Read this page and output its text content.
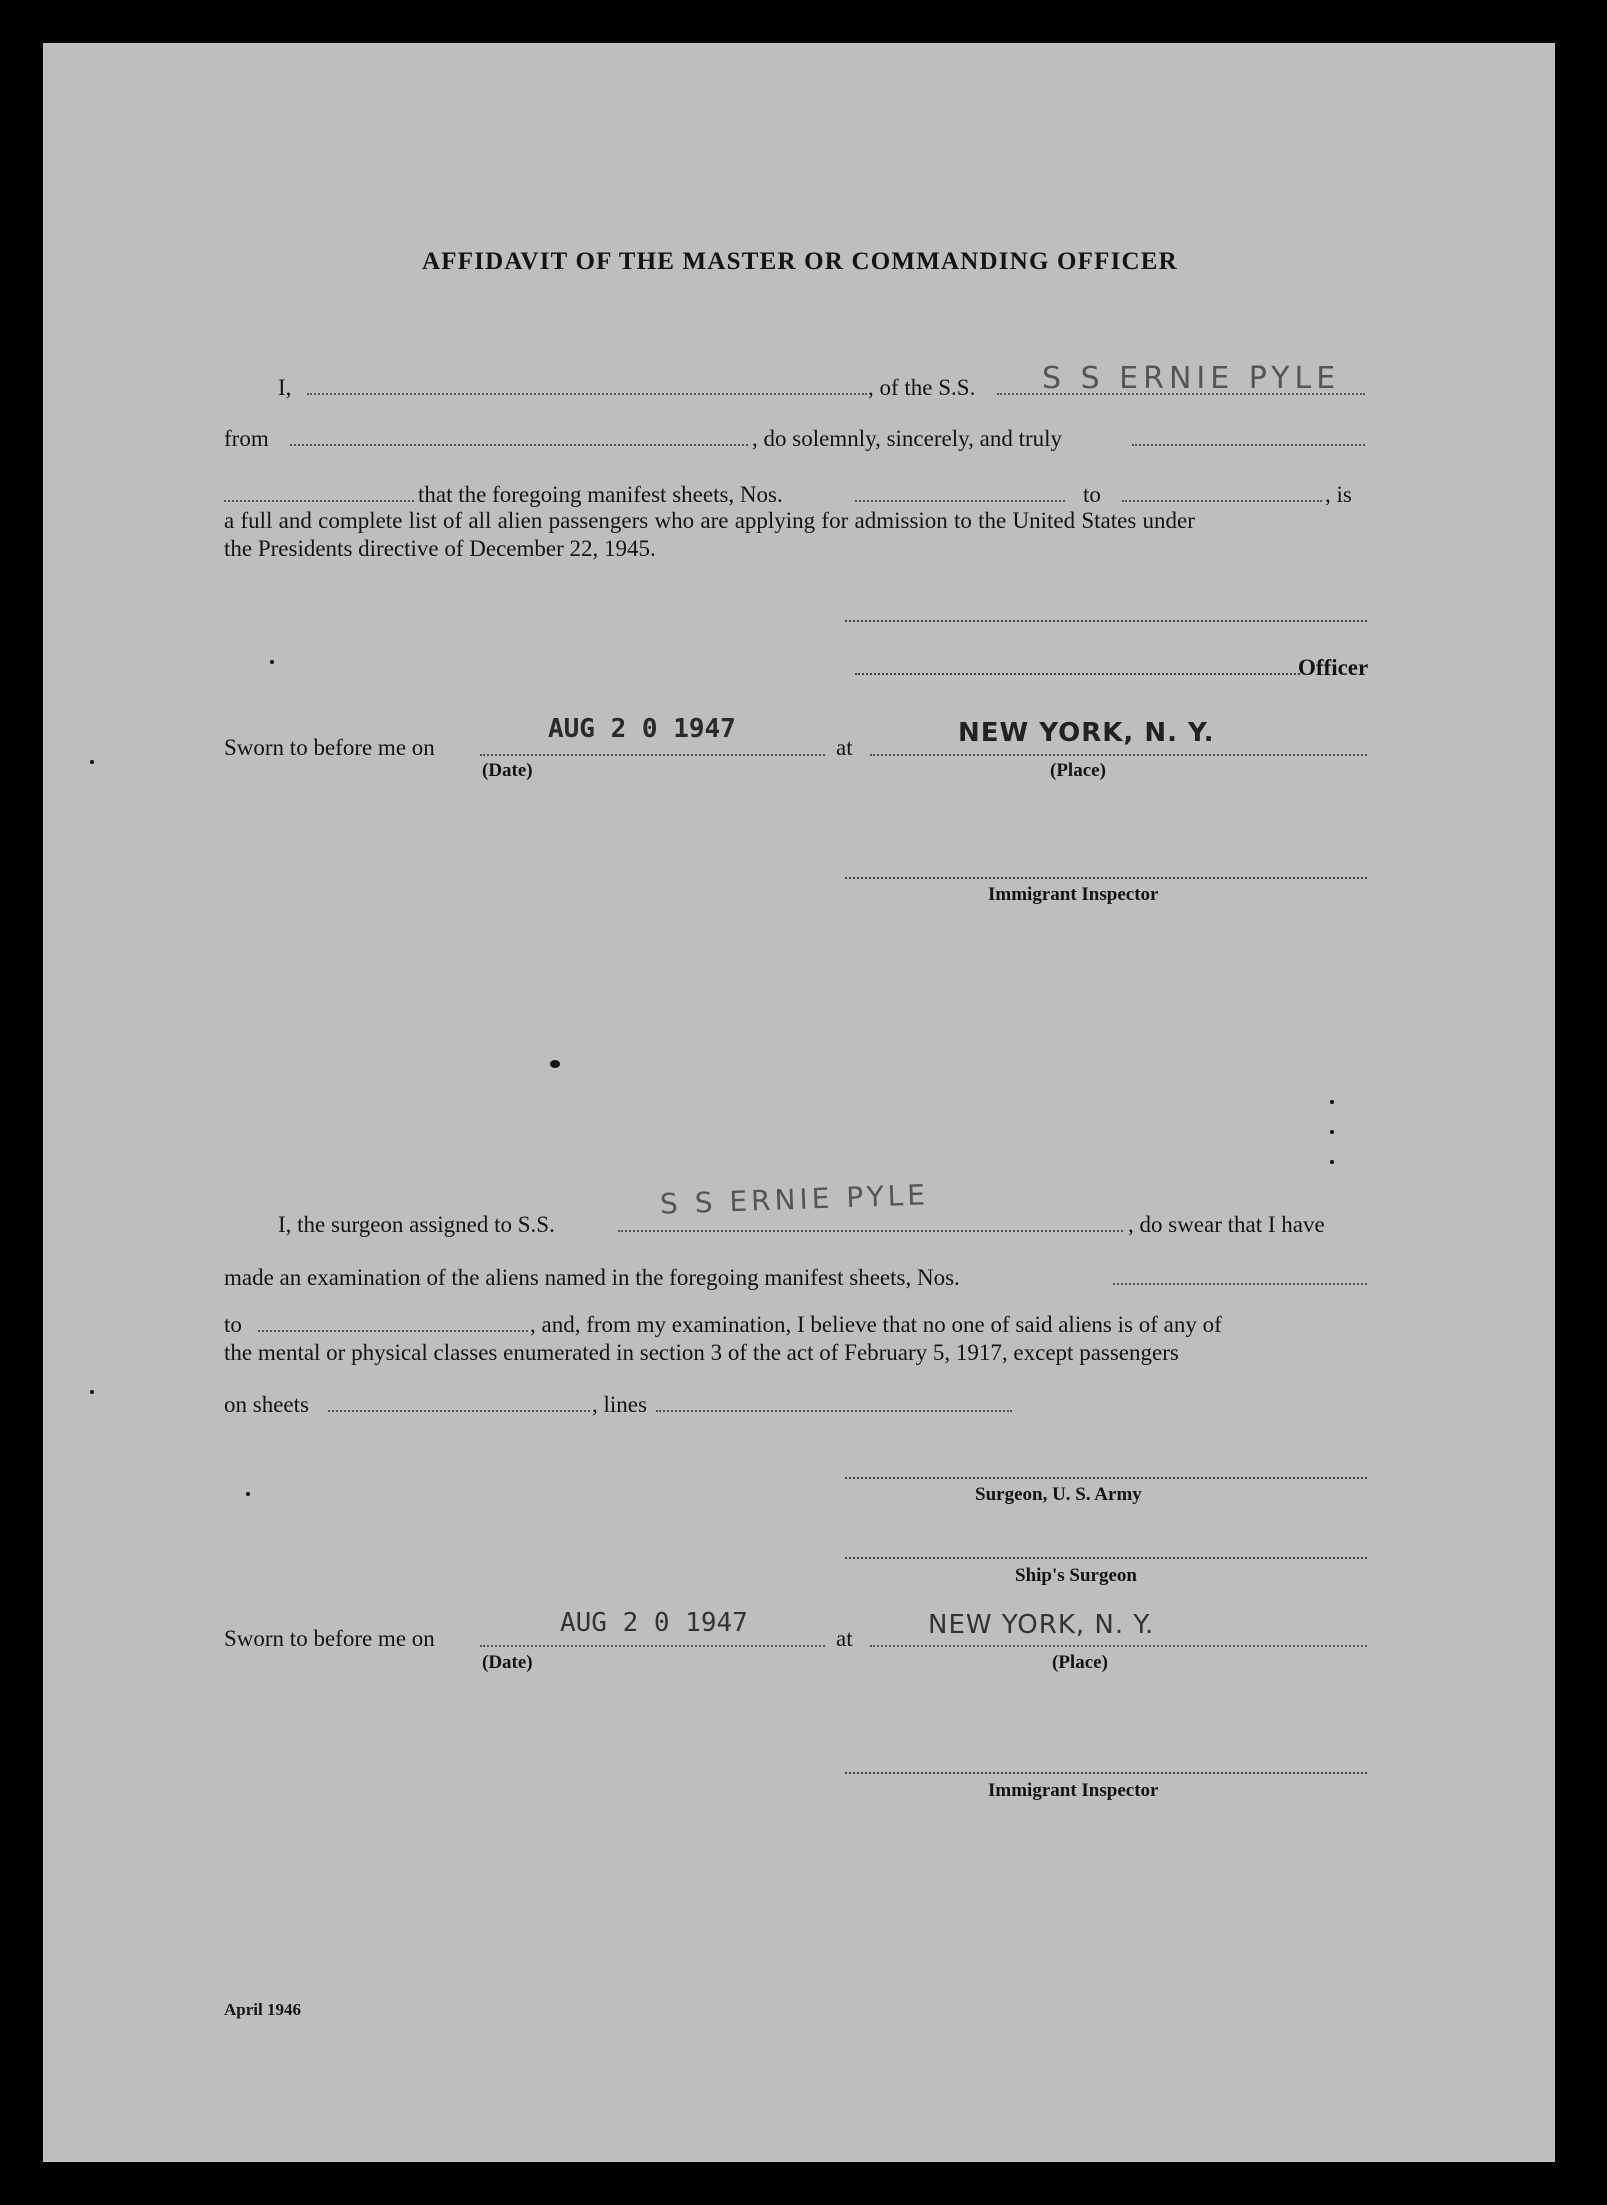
AFFIDAVIT OF THE MASTER OR COMMANDING OFFICER
I,	, of the S.S. S S ERNIE PYLE
from	, do solemnly, sincerely, and truly
that the foregoing manifest sheets, Nos.	to	, is
a full and complete list of all alien passengers who are applying for admission to the United States under
the Presidents directive of December 22, 1945.
Officer
Sworn to before me on
AUG 2 0 1947
at	NEW YORK, N. Y.
(Date)	(Place)
Immigrant Inspector
I, the surgeon assigned to S.S.
S S ERNIE PYLE
, do swear that I have
made an examination of the aliens named in the foregoing manifest sheets, Nos.
to	, and, from my examination, I believe that no one of said aliens is of any of
the mental or physical classes enumerated in section 3 of the act of February 5, 1917, except passengers
on sheets	, lines
Surgeon, U. S. Army
Ship's Surgeon
Sworn to before me on
AUG 2 0 1947
at	NEW YORK, N. Y.
(Date)	(Place)
Immigrant Inspector
April 1946
